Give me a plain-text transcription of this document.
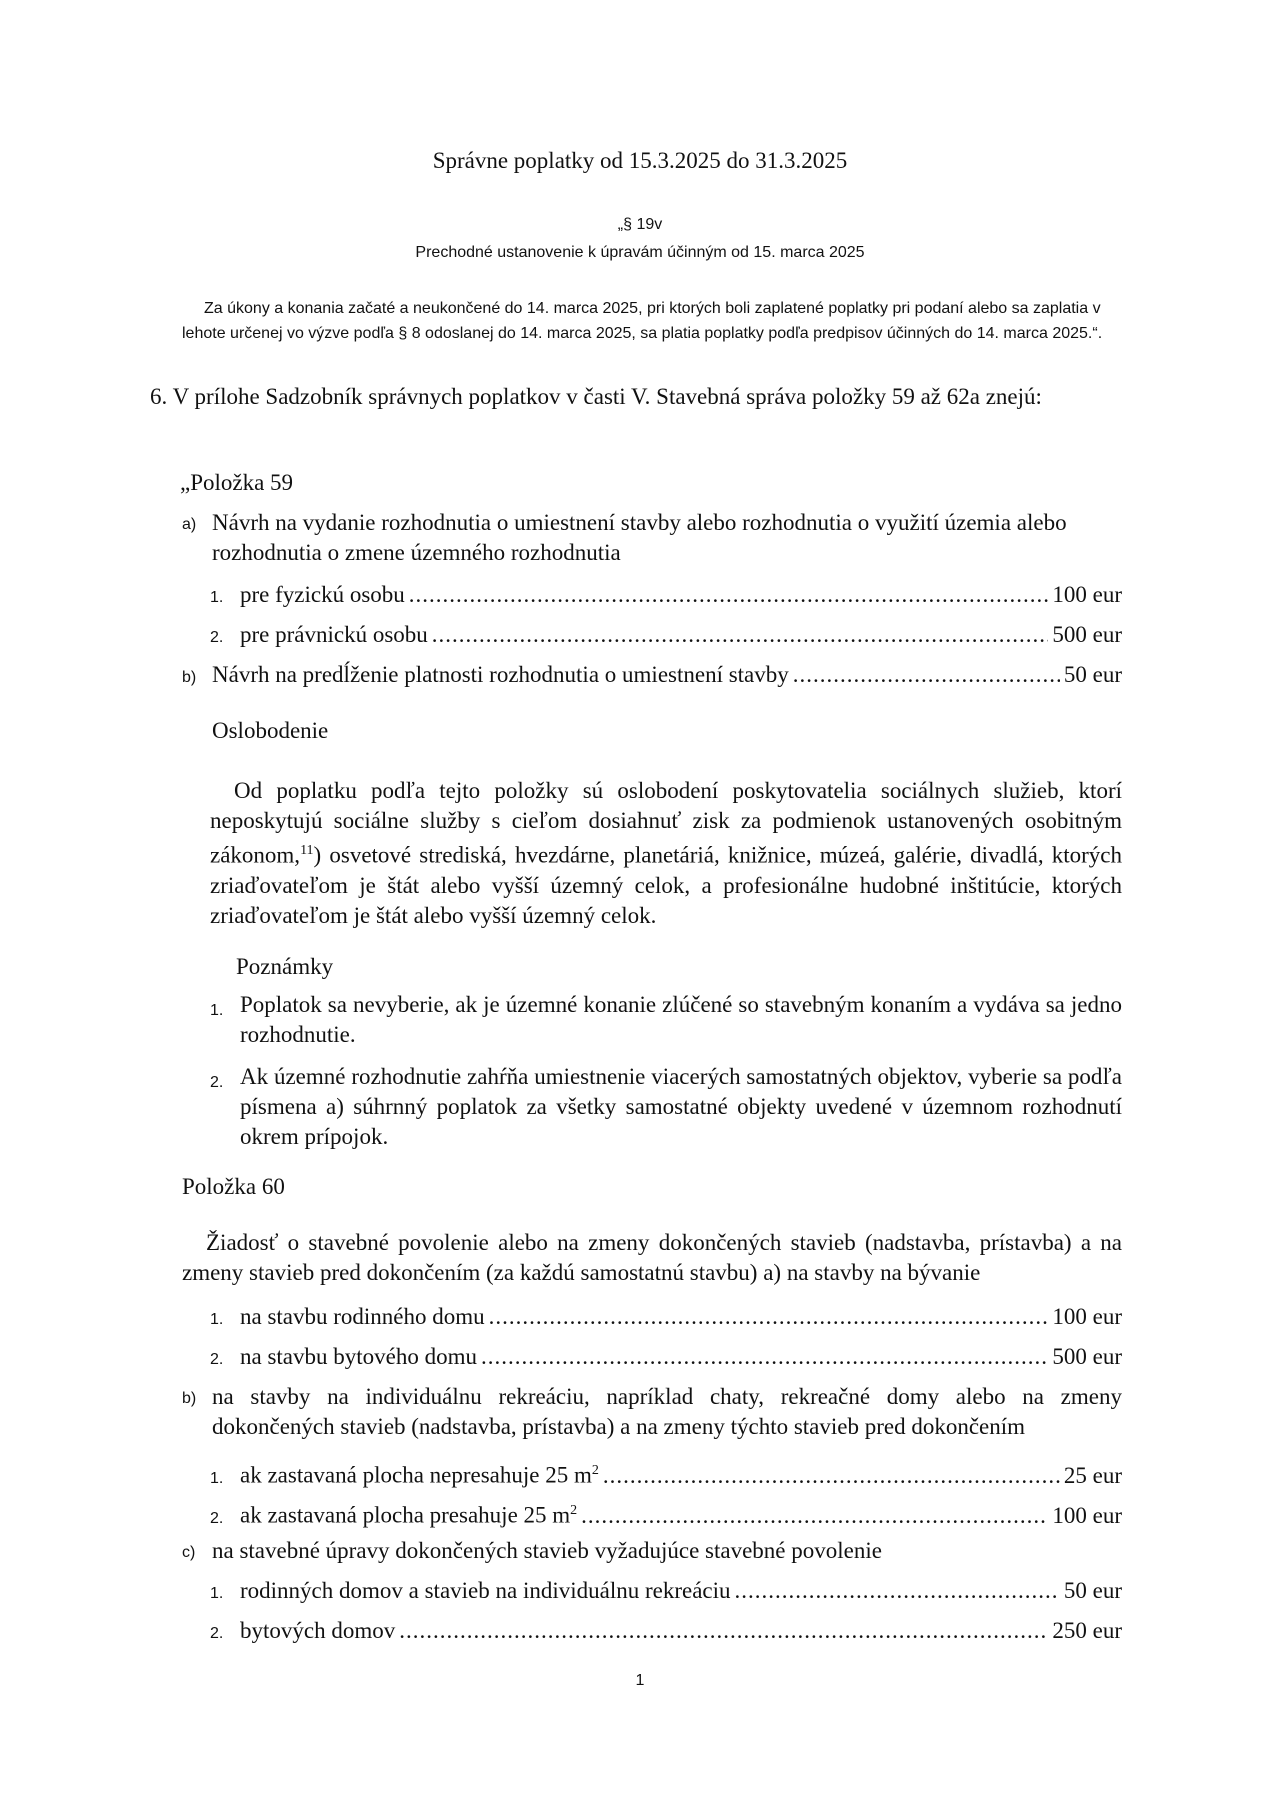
Správne poplatky od 15.3.2025 do 31.3.2025

„§ 19v

Prechodné ustanovenie k úpravám účinným od 15. marca 2025

Za úkony a konania začaté a neukončené do 14. marca 2025, pri ktorých boli zaplatené poplatky pri podaní alebo sa zaplatia v lehote určenej vo výzve podľa § 8 odoslanej do 14. marca 2025, sa platia poplatky podľa predpisov účinných do 14. marca 2025.“.

6. V prílohe Sadzobník správnych poplatkov v časti V. Stavebná správa položky 59 až 62a znejú:

„Položka 59

a) Návrh na vydanie rozhodnutia o umiestnení stavby alebo rozhodnutia o využití územia alebo rozhodnutia o zmene územného rozhodnutia

1. pre fyzickú osobu .....	100 eur
2. pre právnickú osobu .....	500 eur
b) Návrh na predĺženie platnosti rozhodnutia o umiestnení stavby .....	50 eur

Oslobodenie

Od poplatku podľa tejto položky sú oslobodení poskytovatelia sociálnych služieb, ktorí neposkytujú sociálne služby s cieľom dosiahnuť zisk za podmienok ustanovených osobitným zákonom,$^{11}$) osvetové strediská, hvezdárne, planetáriá, knižnice, múzeá, galérie, divadlá, ktorých zriaďovateľom je štát alebo vyšší územný celok, a profesionálne hudobné inštitúcie, ktorých zriaďovateľom je štát alebo vyšší územný celok.

Poznámky

1. Poplatok sa nevyberie, ak je územné konanie zlúčené so stavebným konaním a vydáva sa jedno rozhodnutie.
2. Ak územné rozhodnutie zahŕňa umiestnenie viacerých samostatných objektov, vyberie sa podľa písmena a) súhrnný poplatok za všetky samostatné objekty uvedené v územnom rozhodnutí okrem prípojok.

Položka 60

Žiadosť o stavebné povolenie alebo na zmeny dokončených stavieb (nadstavba, prístavba) a na zmeny stavieb pred dokončením (za každú samostatnú stavbu) a) na stavby na bývanie

1. na stavbu rodinného domu .....	100 eur
2. na stavbu bytového domu .....	500 eur
b) na stavby na individuálnu rekreáciu, napríklad chaty, rekreačné domy alebo na zmeny dokončených stavieb (nadstavba, prístavba) a na zmeny týchto stavieb pred dokončením

1. ak zastavaná plocha nepresahuje 25 $m^2$ .....	25 eur
2. ak zastavaná plocha presahuje 25 $m^2$ .....	100 eur
c) na stavebné úpravy dokončených stavieb vyžadujúce stavebné povolenie

1. rodinných domov a stavieb na individuálnu rekreáciu .....	50 eur
2. bytových domov .....	250 eur

1
